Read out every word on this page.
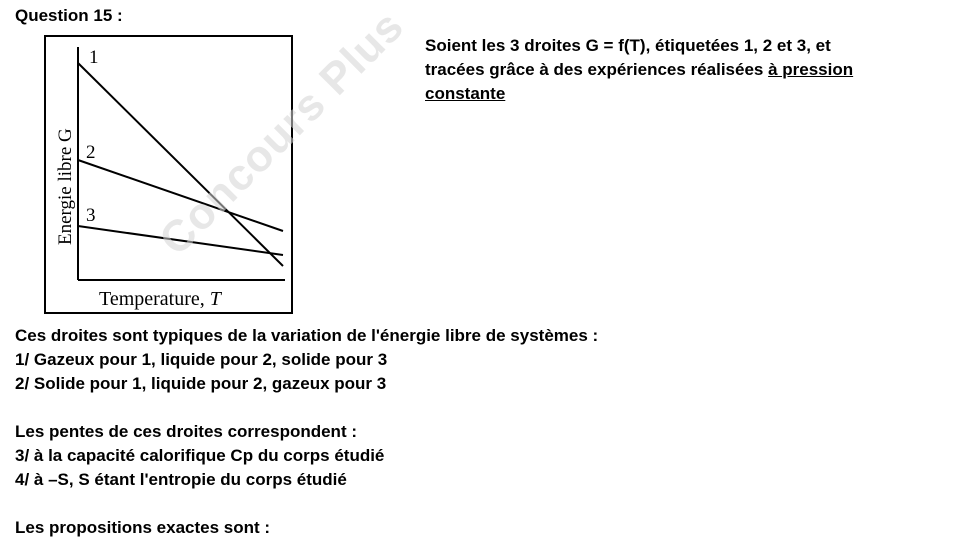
Question 15 :
1
2
3
Energie libre G
Temperature, T
Soient les 3 droites G = f(T), étiquetées 1, 2 et 3, et
tracées grâce à des expériences réalisées à pression
constante
Ces droites sont typiques de la variation de l'énergie libre de systèmes :
1/ Gazeux pour 1, liquide pour 2, solide pour 3
2/ Solide pour 1, liquide pour 2, gazeux pour 3
Les pentes de ces droites correspondent :
3/ à la capacité calorifique Cp du corps étudié
4/ à –S, S étant l'entropie du corps étudié
Les propositions exactes sont :
Concours Plus
